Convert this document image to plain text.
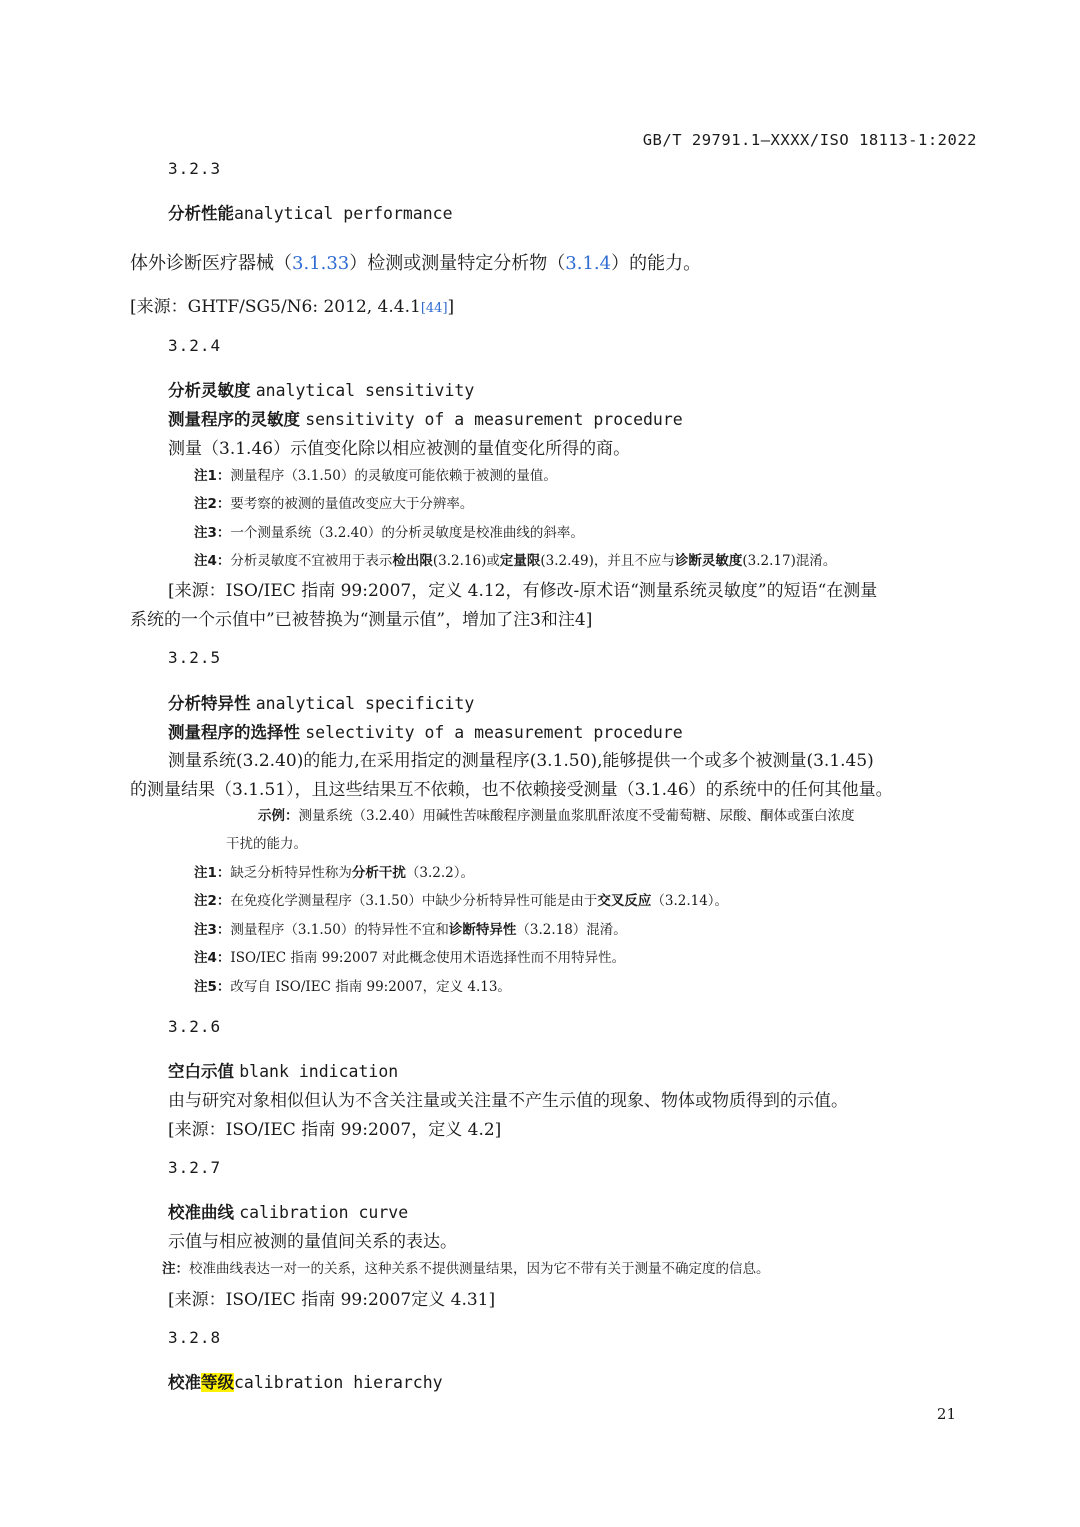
GB/T 29791.1—XXXX/ISO 18113-1:2022
3.2.3
分析性能analytical performance
体外诊断医疗器械（3.1.33）检测或测量特定分析物（3.1.4）的能力。
[来源：GHTF/SG5/N6: 2012, 4.4.1[44]]
3.2.4
分析灵敏度 analytical sensitivity
测量程序的灵敏度 sensitivity of a measurement procedure
测量（3.1.46）示值变化除以相应被测的量值变化所得的商。
注1：测量程序（3.1.50）的灵敏度可能依赖于被测的量值。
注2：要考察的被测的量值改变应大于分辨率。
注3：一个测量系统（3.2.40）的分析灵敏度是校准曲线的斜率。
注4：分析灵敏度不宜被用于表示检出限(3.2.16)或定量限(3.2.49)，并且不应与诊断灵敏度(3.2.17)混淆。
[来源：ISO/IEC 指南 99:2007，定义 4.12，有修改-原术语“测量系统灵敏度”的短语“在测量
系统的一个示值中”已被替换为“测量示值”，增加了注3和注4]
3.2.5
分析特异性 analytical specificity
测量程序的选择性 selectivity of a measurement procedure
测量系统(3.2.40)的能力,在采用指定的测量程序(3.1.50),能够提供一个或多个被测量(3.1.45)
的测量结果（3.1.51），且这些结果互不依赖，也不依赖接受测量（3.1.46）的系统中的任何其他量。
示例：测量系统（3.2.40）用碱性苦味酸程序测量血浆肌酐浓度不受葡萄糖、尿酸、酮体或蛋白浓度
干扰的能力。
注1：缺乏分析特异性称为分析干扰（3.2.2）。
注2：在免疫化学测量程序（3.1.50）中缺少分析特异性可能是由于交叉反应（3.2.14）。
注3：测量程序（3.1.50）的特异性不宜和诊断特异性（3.2.18）混淆。
注4：ISO/IEC 指南 99:2007 对此概念使用术语选择性而不用特异性。
注5：改写自 ISO/IEC 指南 99:2007，定义 4.13。
3.2.6
空白示值 blank indication
由与研究对象相似但认为不含关注量或关注量不产生示值的现象、物体或物质得到的示值。
[来源：ISO/IEC 指南 99:2007，定义 4.2]
3.2.7
校准曲线 calibration curve
示值与相应被测的量值间关系的表达。
注：校准曲线表达一对一的关系，这种关系不提供测量结果，因为它不带有关于测量不确定度的信息。
[来源：ISO/IEC 指南 99:2007定义 4.31]
3.2.8
校准等级calibration hierarchy
21
